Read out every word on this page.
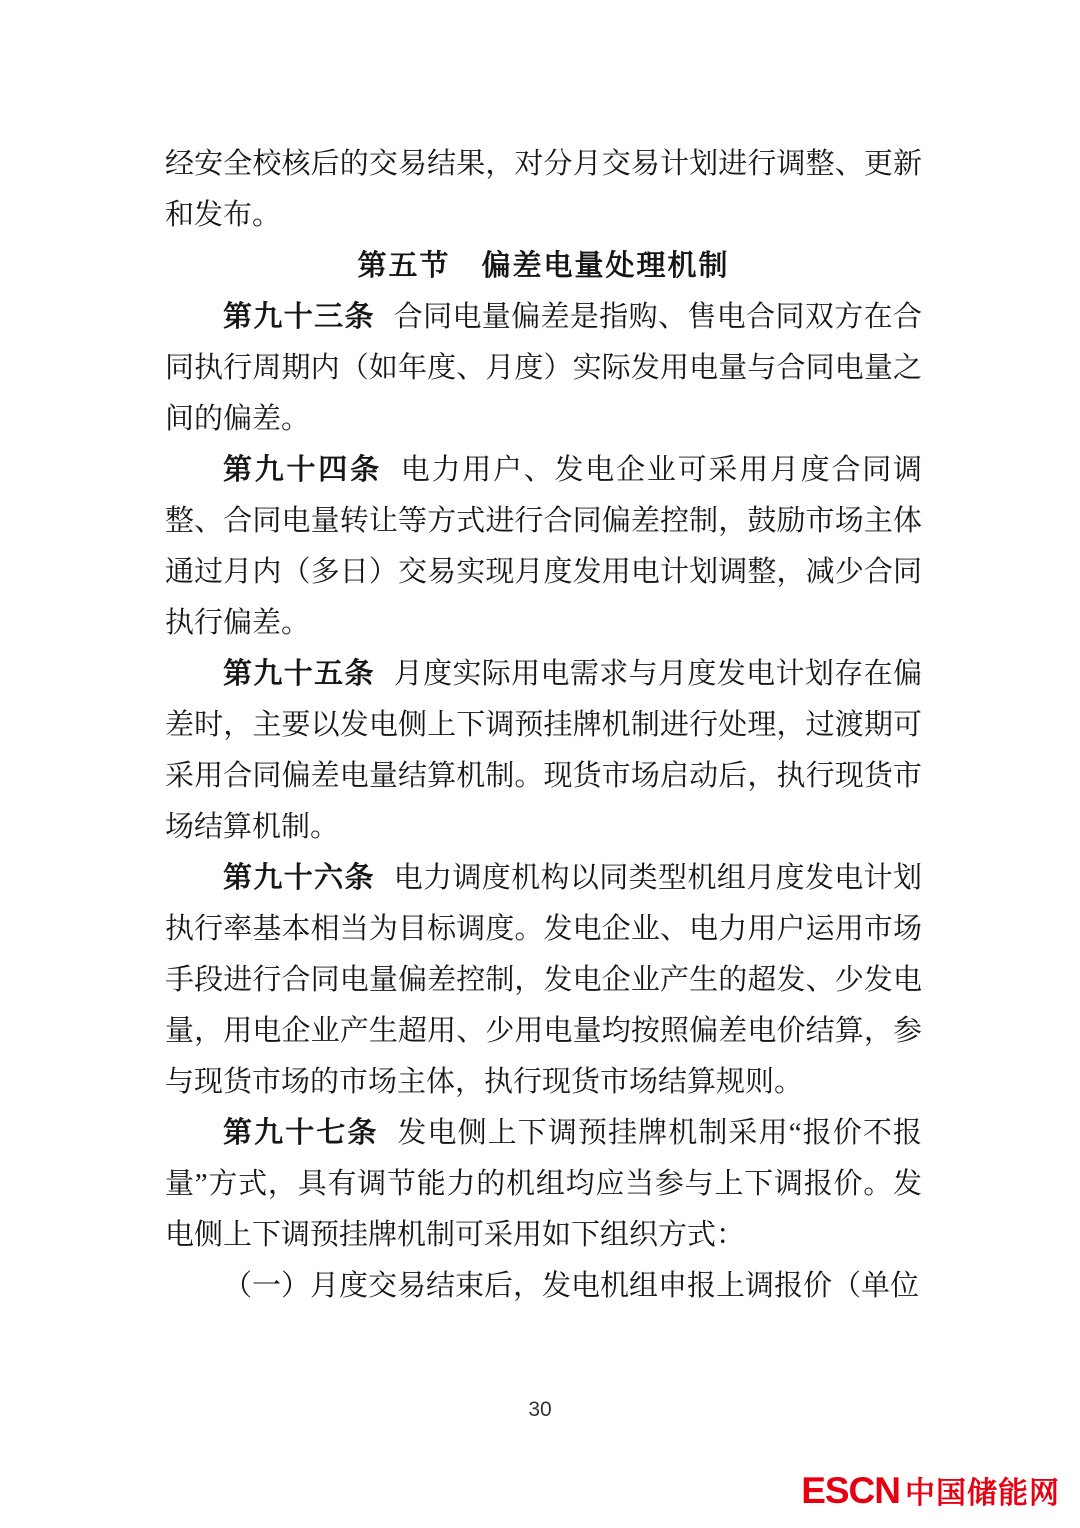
经安全校核后的交易结果，对分月交易计划进行调整、更新和发布。

第五节　偏差电量处理机制

第九十三条 合同电量偏差是指购、售电合同双方在合同执行周期内（如年度、月度）实际发用电量与合同电量之间的偏差。

第九十四条 电力用户、发电企业可采用月度合同调整、合同电量转让等方式进行合同偏差控制，鼓励市场主体通过月内（多日）交易实现月度发用电计划调整，减少合同执行偏差。

第九十五条 月度实际用电需求与月度发电计划存在偏差时，主要以发电侧上下调预挂牌机制进行处理，过渡期可采用合同偏差电量结算机制。现货市场启动后，执行现货市场结算机制。

第九十六条 电力调度机构以同类型机组月度发电计划执行率基本相当为目标调度。发电企业、电力用户运用市场手段进行合同电量偏差控制，发电企业产生的超发、少发电量，用电企业产生超用、少用电量均按照偏差电价结算，参与现货市场的市场主体，执行现货市场结算规则。

第九十七条 发电侧上下调预挂牌机制采用“报价不报量”方式，具有调节能力的机组均应当参与上下调报价。发电侧上下调预挂牌机制可采用如下组织方式：

（一）月度交易结束后，发电机组申报上调报价（单位

30
ESCN 中国储能网
